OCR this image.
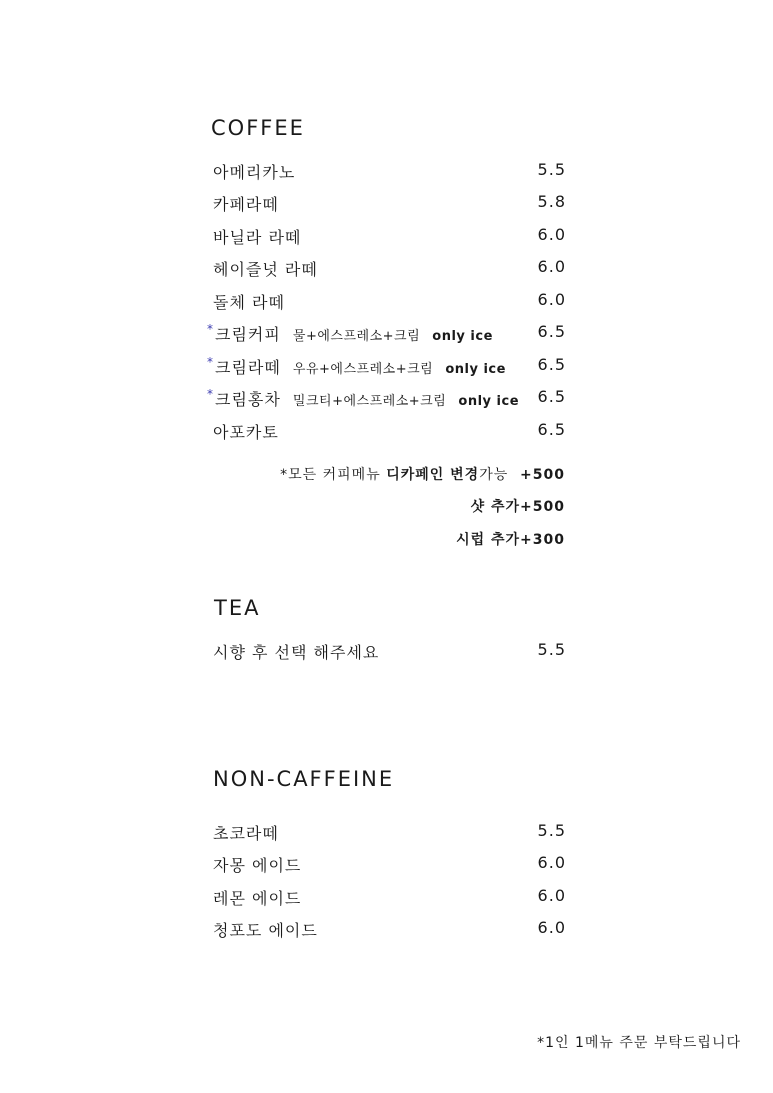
COFFEE
아메리카노	5.5
카페라떼	5.8
바닐라 라떼	6.0
헤이즐넛 라떼	6.0
돌체 라떼	6.0
*크림커피 물+에스프레소+크림 only ice	6.5
*크림라떼 우유+에스프레소+크림 only ice 6.5
*크림홍차 밀크티+에스프레소+크림 only ice 6.5
아포카토	6.5
*모든 커피메뉴 디카페인 변경가능 +500
샷 추가+500
시럽 추가+300
TEA
시향 후 선택 해주세요	5.5
NON-CAFFEINE
초코라떼	5.5
자몽 에이드	6.0
레몬 에이드	6.0
청포도 에이드	6.0
*1인 1메뉴 주문 부탁드립니다
